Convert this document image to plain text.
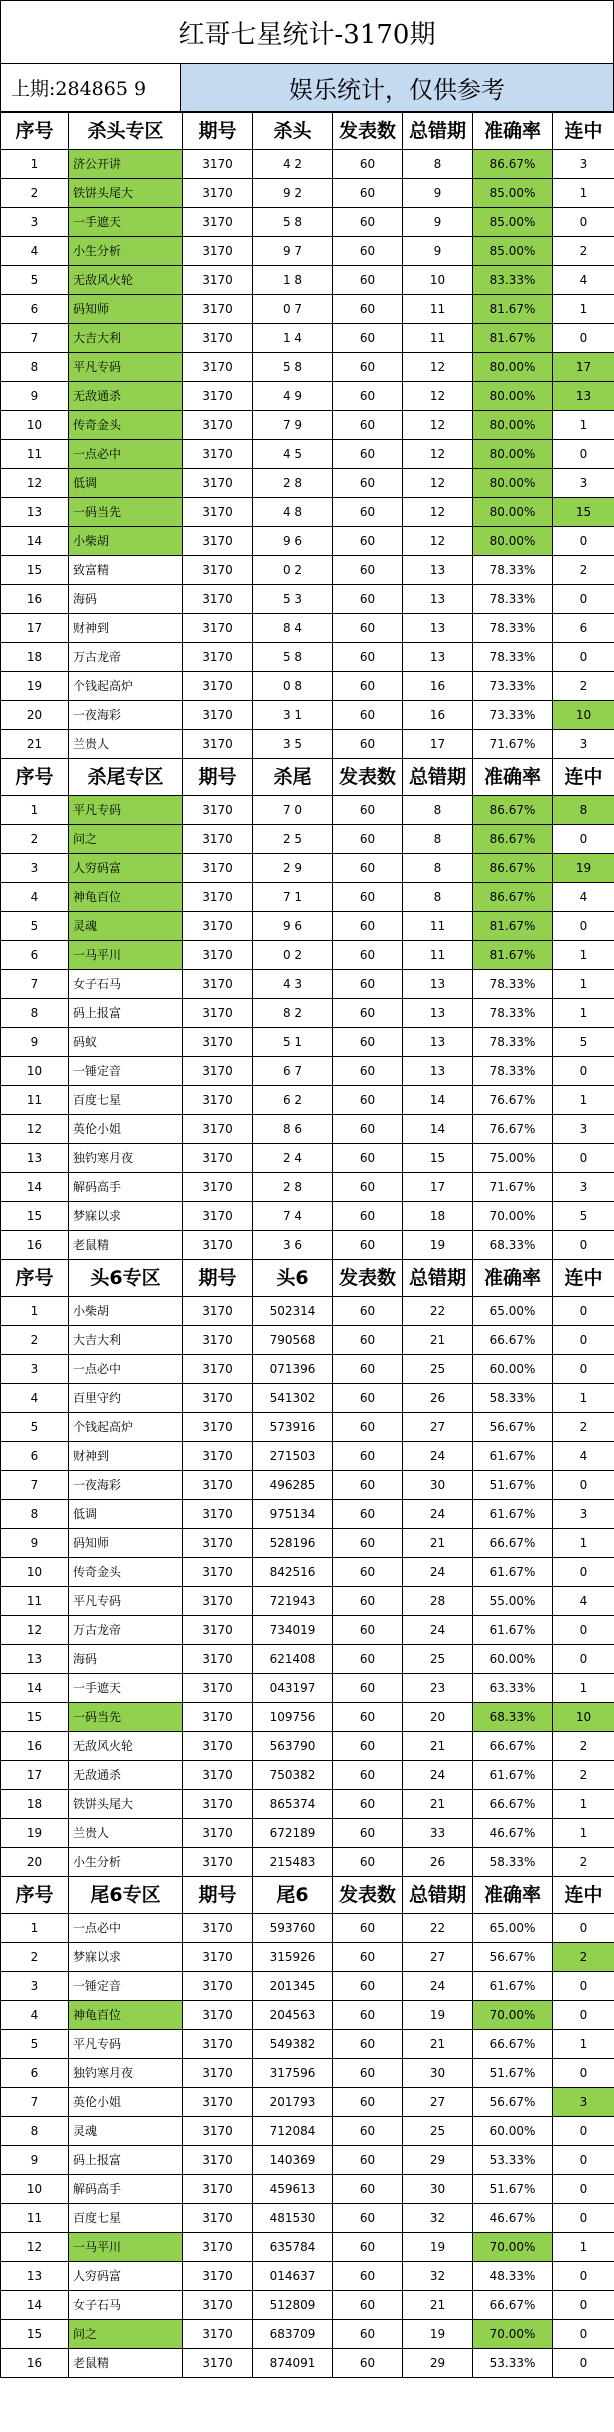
红哥七星统计-3170期
上期:284865 9	娱乐统计，仅供参考
序号	杀头专区	期号	杀头	发表数	总错期	准确率	连中
1	济公开讲	3170	4 2	60	8	86.67%	3
2	铁饼头尾大	3170	9 2	60	9	85.00%	1
3	一手遮天	3170	5 8	60	9	85.00%	0
4	小生分析	3170	9 7	60	9	85.00%	2
5	无敌风火轮	3170	1 8	60	10	83.33%	4
6	码知师	3170	0 7	60	11	81.67%	1
7	大吉大利	3170	1 4	60	11	81.67%	0
8	平凡专码	3170	5 8	60	12	80.00%	17
9	无敌通杀	3170	4 9	60	12	80.00%	13
10	传奇金头	3170	7 9	60	12	80.00%	1
11	一点必中	3170	4 5	60	12	80.00%	0
12	低调	3170	2 8	60	12	80.00%	3
13	一码当先	3170	4 8	60	12	80.00%	15
14	小柴胡	3170	9 6	60	12	80.00%	0
15	致富精	3170	0 2	60	13	78.33%	2
16	海码	3170	5 3	60	13	78.33%	0
17	财神到	3170	8 4	60	13	78.33%	6
18	万古龙帝	3170	5 8	60	13	78.33%	0
19	个钱起高炉	3170	0 8	60	16	73.33%	2
20	一夜海彩	3170	3 1	60	16	73.33%	10
21	兰贵人	3170	3 5	60	17	71.67%	3
序号	杀尾专区	期号	杀尾	发表数	总错期	准确率	连中
1	平凡专码	3170	7 0	60	8	86.67%	8
2	问之	3170	2 5	60	8	86.67%	0
3	人穷码富	3170	2 9	60	8	86.67%	19
4	神龟百位	3170	7 1	60	8	86.67%	4
5	灵魂	3170	9 6	60	11	81.67%	0
6	一马平川	3170	0 2	60	11	81.67%	1
7	女子石马	3170	4 3	60	13	78.33%	1
8	码上报富	3170	8 2	60	13	78.33%	1
9	码蚁	3170	5 1	60	13	78.33%	5
10	一锤定音	3170	6 7	60	13	78.33%	0
11	百度七星	3170	6 2	60	14	76.67%	1
12	英伦小姐	3170	8 6	60	14	76.67%	3
13	独钓寒月夜	3170	2 4	60	15	75.00%	0
14	解码高手	3170	2 8	60	17	71.67%	3
15	梦寐以求	3170	7 4	60	18	70.00%	5
16	老鼠精	3170	3 6	60	19	68.33%	0
序号	头6专区	期号	头6	发表数	总错期	准确率	连中
1	小柴胡	3170	502314	60	22	65.00%	0
2	大吉大利	3170	790568	60	21	66.67%	0
3	一点必中	3170	071396	60	25	60.00%	0
4	百里守约	3170	541302	60	26	58.33%	1
5	个钱起高炉	3170	573916	60	27	56.67%	2
6	财神到	3170	271503	60	24	61.67%	4
7	一夜海彩	3170	496285	60	30	51.67%	0
8	低调	3170	975134	60	24	61.67%	3
9	码知师	3170	528196	60	21	66.67%	1
10	传奇金头	3170	842516	60	24	61.67%	0
11	平凡专码	3170	721943	60	28	55.00%	4
12	万古龙帝	3170	734019	60	24	61.67%	0
13	海码	3170	621408	60	25	60.00%	0
14	一手遮天	3170	043197	60	23	63.33%	1
15	一码当先	3170	109756	60	20	68.33%	10
16	无敌风火轮	3170	563790	60	21	66.67%	2
17	无敌通杀	3170	750382	60	24	61.67%	2
18	铁饼头尾大	3170	865374	60	21	66.67%	1
19	兰贵人	3170	672189	60	33	46.67%	1
20	小生分析	3170	215483	60	26	58.33%	2
序号	尾6专区	期号	尾6	发表数	总错期	准确率	连中
1	一点必中	3170	593760	60	22	65.00%	0
2	梦寐以求	3170	315926	60	27	56.67%	2
3	一锤定音	3170	201345	60	24	61.67%	0
4	神龟百位	3170	204563	60	19	70.00%	0
5	平凡专码	3170	549382	60	21	66.67%	1
6	独钓寒月夜	3170	317596	60	30	51.67%	0
7	英伦小姐	3170	201793	60	27	56.67%	3
8	灵魂	3170	712084	60	25	60.00%	0
9	码上报富	3170	140369	60	29	53.33%	0
10	解码高手	3170	459613	60	30	51.67%	0
11	百度七星	3170	481530	60	32	46.67%	0
12	一马平川	3170	635784	60	19	70.00%	1
13	人穷码富	3170	014637	60	32	48.33%	0
14	女子石马	3170	512809	60	21	66.67%	0
15	问之	3170	683709	60	19	70.00%	0
16	老鼠精	3170	874091	60	29	53.33%	0
